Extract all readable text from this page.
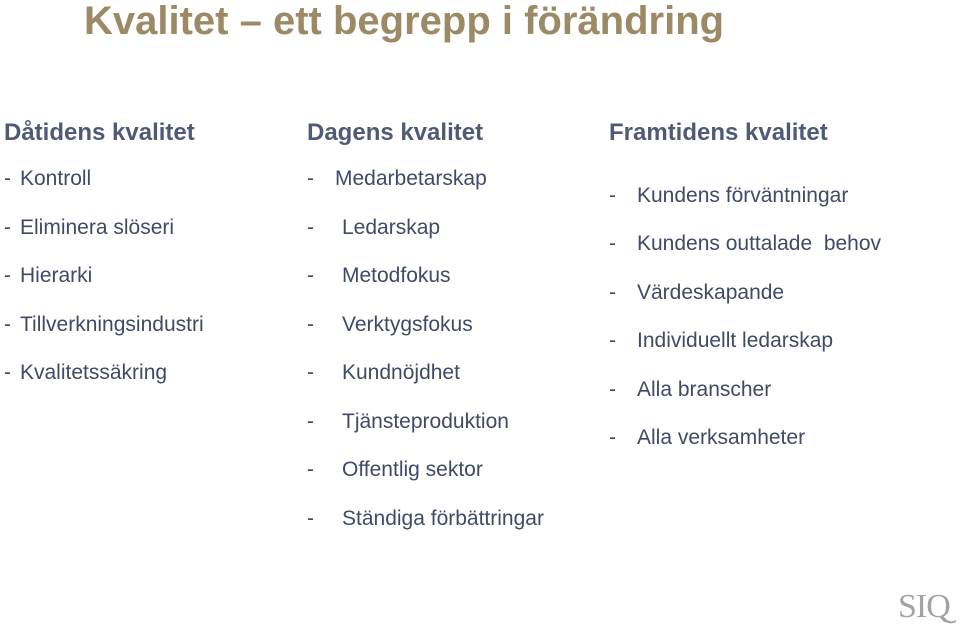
Kvalitet – ett begrepp i förändring
Dåtidens kvalitet
- Kontroll
- Eliminera slöseri
- Hierarki
- Tillverkningsindustri
- Kvalitetssäkring
Dagens kvalitet
-	Medarbetarskap
-	Ledarskap
-	Metodfokus
-	Verktygsfokus
-	Kundnöjdhet
-	Tjänsteproduktion
-	Offentlig sektor
-	Ständiga förbättringar
Framtidens kvalitet
-	Kundens förväntningar
-	Kundens outtalade  behov
-	Värdeskapande
-	Individuellt ledarskap
-	Alla branscher
-	Alla verksamheter
SIQ
